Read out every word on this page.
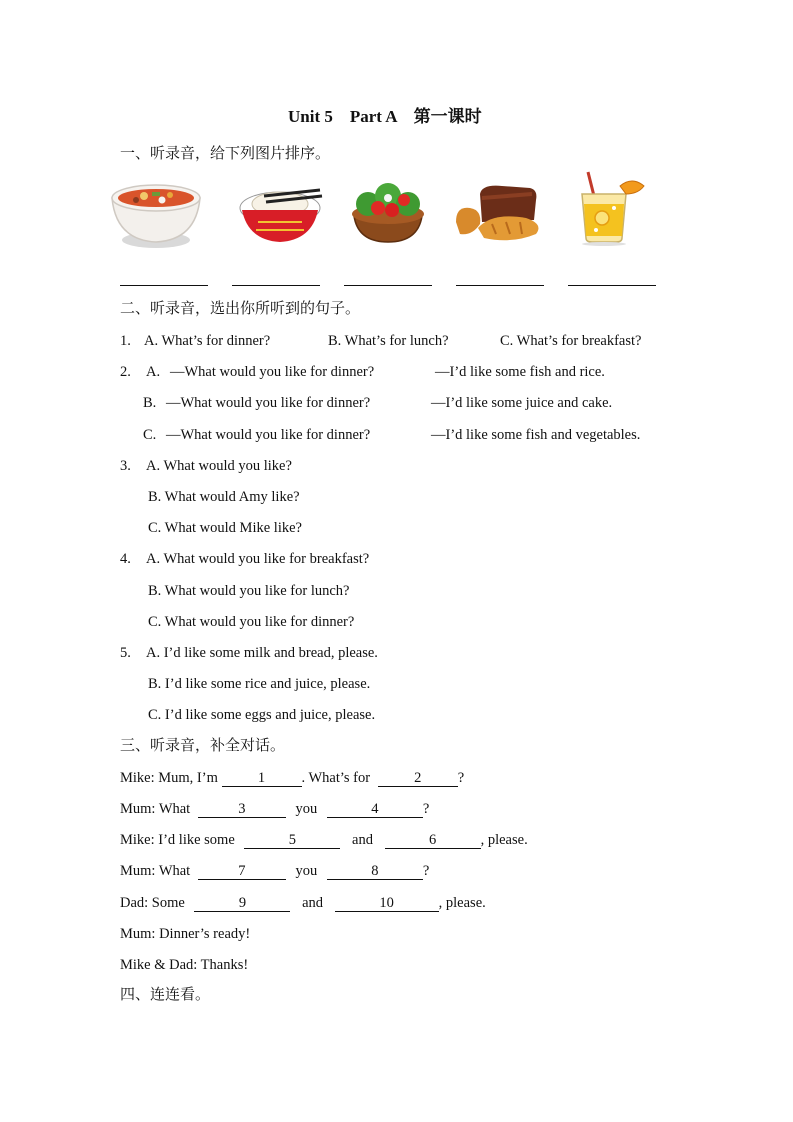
Unit 5　Part A　第一课时
一、听录音，给下列图片排序。
二、听录音，选出你所听到的句子。
1. A. What’s for dinner?	B. What’s for lunch?	C. What’s for breakfast?
2. A. —What would you like for dinner?	—I’d like some fish and rice.
B. —What would you like for dinner?	—I’d like some juice and cake.
C. —What would you like for dinner?	—I’d like some fish and vegetables.
3. A. What would you like?
B. What would Amy like?
C. What would Mike like?
4. A. What would you like for breakfast?
B. What would you like for lunch?
C. What would you like for dinner?
5. A. I’d like some milk and bread, please.
B. I’d like some rice and juice, please.
C. I’d like some eggs and juice, please.
三、听录音，补全对话。
Mike: Mum, I’m	1	. What’s for	2	?
Mum: What	3	you	4	?
Mike: I’d like some	5	and	6	, please.
Mum: What	7	you	8	?
Dad: Some	9	and	10	, please.
Mum: Dinner’s ready!
Mike & Dad: Thanks!
四、连连看。
